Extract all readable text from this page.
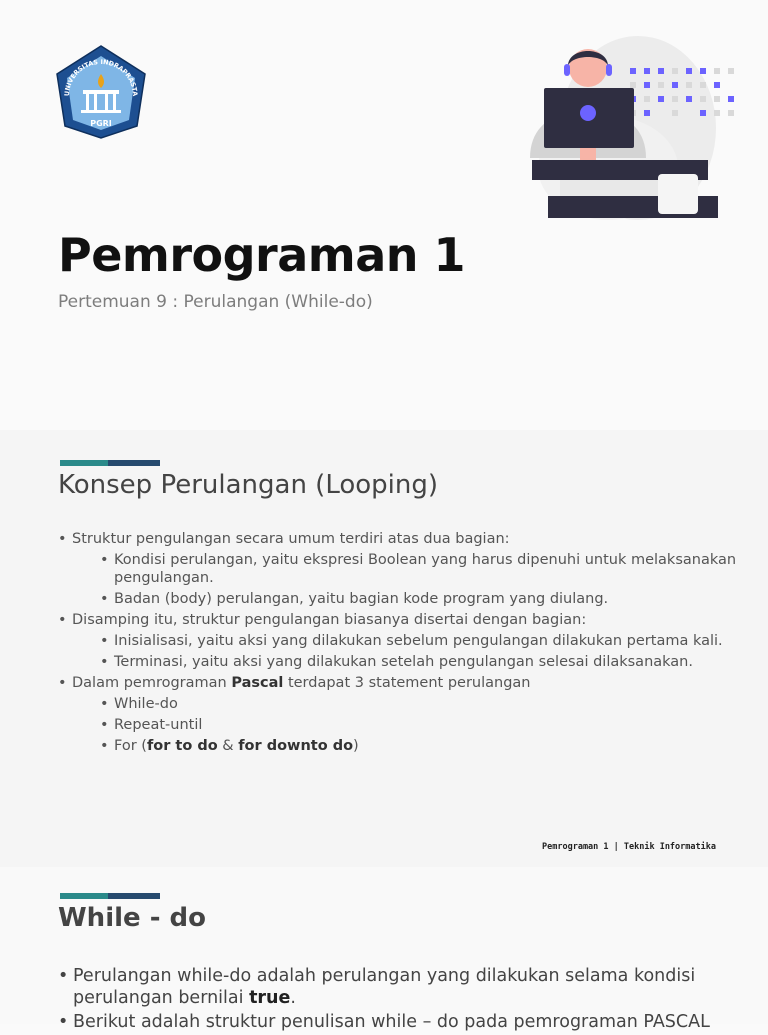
UNIVERSITAS INDRAPRASTA
PGRI
Pemrograman 1
Pertemuan 9 : Perulangan (While-do)
Konsep Perulangan (Looping)
• Struktur pengulangan secara umum terdiri atas dua bagian:
• Kondisi perulangan, yaitu ekspresi Boolean yang harus dipenuhi untuk melaksanakan pengulangan.
• Badan (body) perulangan, yaitu bagian kode program yang diulang.
• Disamping itu, struktur pengulangan biasanya disertai dengan bagian:
• Inisialisasi, yaitu aksi yang dilakukan sebelum pengulangan dilakukan pertama kali.
• Terminasi, yaitu aksi yang dilakukan setelah pengulangan selesai dilaksanakan.
• Dalam pemrograman Pascal terdapat 3 statement perulangan
• While-do
• Repeat-until
• For (for to do & for downto do)
Pemrograman 1 | Teknik Informatika
While - do
• Perulangan while-do adalah perulangan yang dilakukan selama kondisi perulangan bernilai true.
• Berikut adalah struktur penulisan while – do pada pemrograman PASCAL
